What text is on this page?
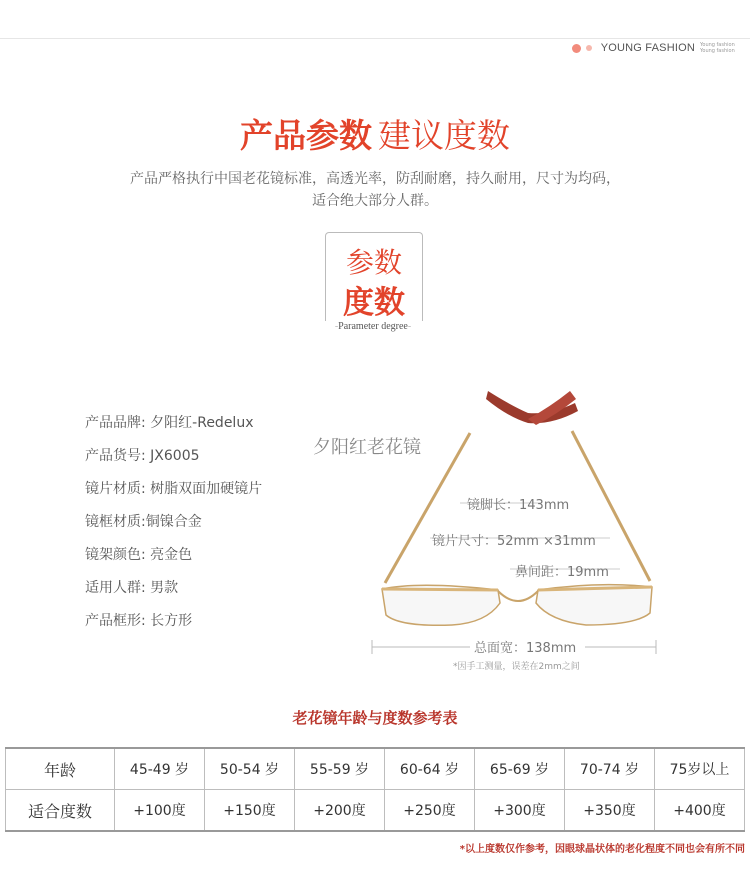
YOUNG FASHION Young fashion Young fashion
产品参数 建议度数
产品严格执行中国老花镜标准，高透光率，防刮耐磨，持久耐用，尺寸为均码，
适合绝大部分人群。
参数
度数
-Parameter degree-
产品品牌: 夕阳红-Redelux
产品货号: JX6005
镜片材质: 树脂双面加硬镜片
镜框材质:铜镍合金
镜架颜色: 亮金色
适用人群: 男款
产品框形: 长方形
夕阳红老花镜
镜脚长：143mm
镜片尺寸：52mm ×31mm
鼻间距：19mm
总面宽：138mm
*因手工测量，误差在2mm之间
老花镜年龄与度数参考表
年龄	45-49 岁	50-54 岁	55-59 岁	60-64 岁	65-69 岁	70-74 岁	75岁以上
适合度数	+100度	+150度	+200度	+250度	+300度	+350度	+400度
*以上度数仅作参考，因眼球晶状体的老化程度不同也会有所不同
